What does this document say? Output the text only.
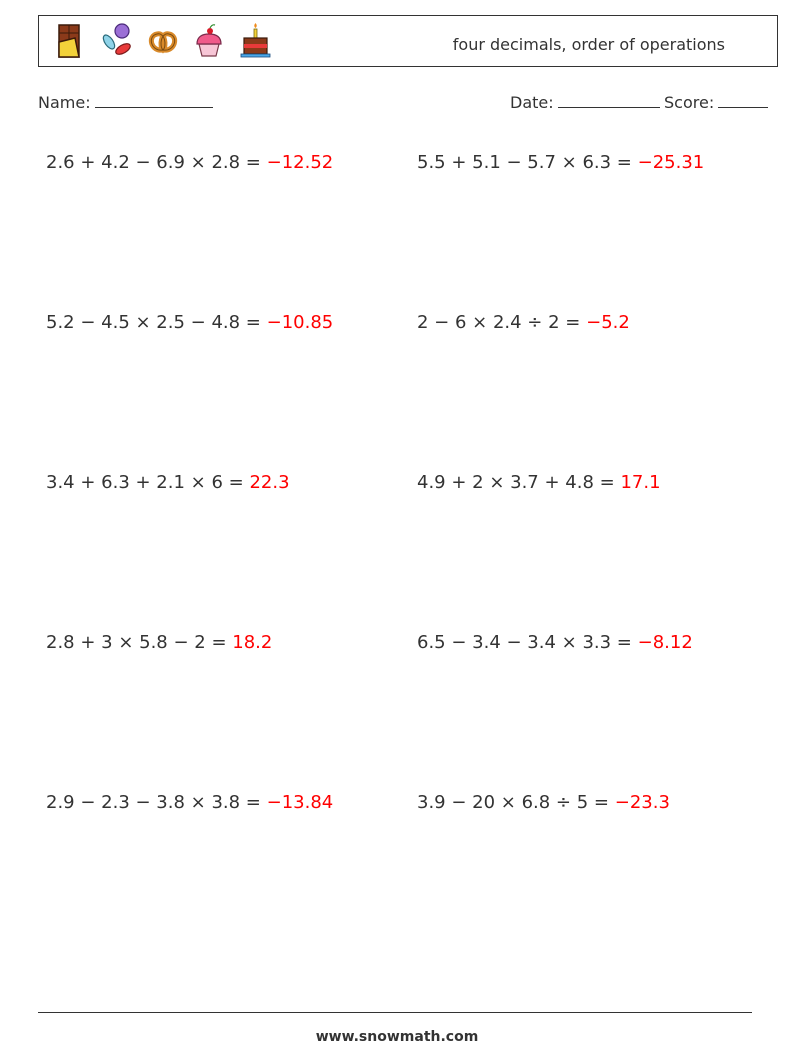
four decimals, order of operations
Name:	Date:	Score:
2.6 + 4.2 − 6.9 × 2.8 = −12.52	5.5 + 5.1 − 5.7 × 6.3 = −25.31
5.2 − 4.5 × 2.5 − 4.8 = −10.85	2 − 6 × 2.4 ÷ 2 = −5.2
3.4 + 6.3 + 2.1 × 6 = 22.3	4.9 + 2 × 3.7 + 4.8 = 17.1
2.8 + 3 × 5.8 − 2 = 18.2	6.5 − 3.4 − 3.4 × 3.3 = −8.12
2.9 − 2.3 − 3.8 × 3.8 = −13.84	3.9 − 20 × 6.8 ÷ 5 = −23.3
www.snowmath.com
